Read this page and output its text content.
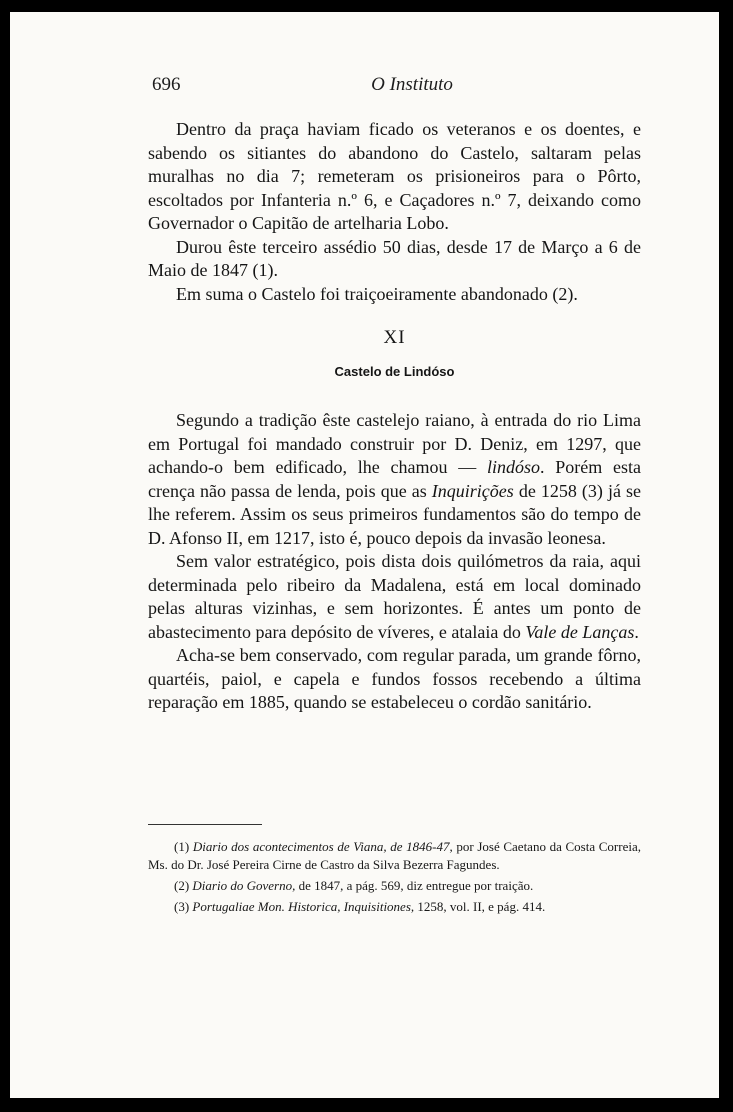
696	O Instituto

Dentro da praça haviam ficado os veteranos e os doentes, e sabendo os sitiantes do abandono do Castelo, saltaram pelas muralhas no dia 7; remeteram os prisioneiros para o Pôrto, escoltados por Infanteria n.º 6, e Caçadores n.º 7, deixando como Governador o Capitão de artelharia Lobo.

Durou êste terceiro assédio 50 dias, desde 17 de Março a 6 de Maio de 1847 (1).

Em suma o Castelo foi traiçoeiramente abandonado (2).

XI

Castelo de Lindóso

Segundo a tradição êste castelejo raiano, à entrada do rio Lima em Portugal foi mandado construir por D. Deniz, em 1297, que achando-o bem edificado, lhe chamou — lindóso. Porém esta crença não passa de lenda, pois que as Inquirições de 1258 (3) já se lhe referem. Assim os seus primeiros fundamentos são do tempo de D. Afonso II, em 1217, isto é, pouco depois da invasão leonesa.

Sem valor estratégico, pois dista dois quilómetros da raia, aqui determinada pelo ribeiro da Madalena, está em local dominado pelas alturas vizinhas, e sem horizontes. É antes um ponto de abastecimento para depósito de víveres, e atalaia do Vale de Lanças.

Acha-se bem conservado, com regular parada, um grande fôrno, quartéis, paiol, e capela e fundos fossos recebendo a última reparação em 1885, quando se estabeleceu o cordão sanitário.

(1) Diario dos acontecimentos de Viana, de 1846-47, por José Caetano da Costa Correia, Ms. do Dr. José Pereira Cirne de Castro da Silva Bezerra Fagundes.

(2) Diario do Governo, de 1847, a pág. 569, diz entregue por traição.

(3) Portugaliae Mon. Historica, Inquisitiones, 1258, vol. II, e pág. 414.
